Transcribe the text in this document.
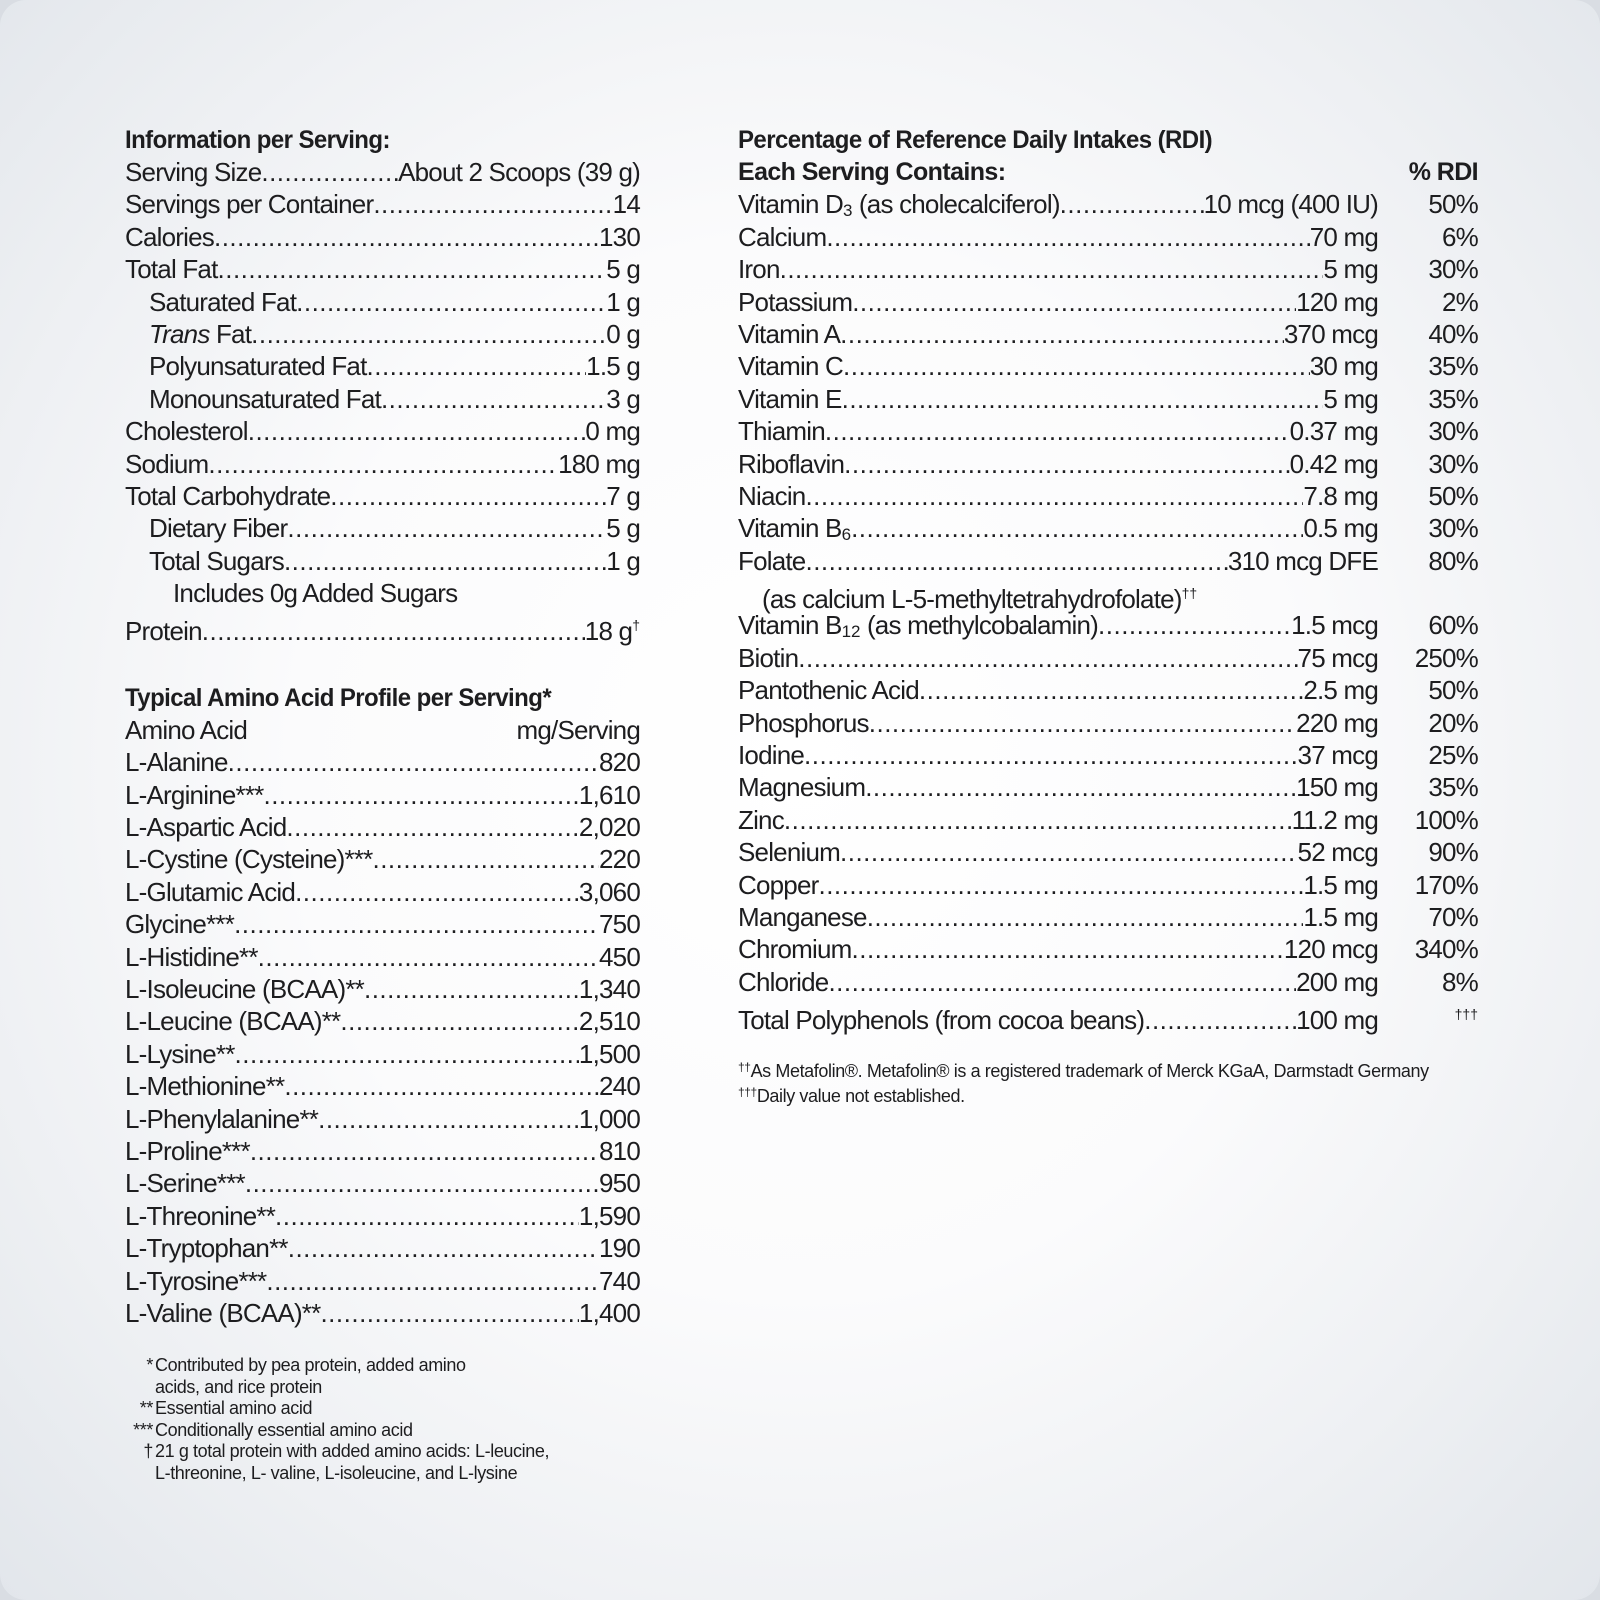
Information per Serving:
Serving Size .....	About 2 Scoops (39 g)
Servings per Container .....	14
Calories .....	130
Total Fat .....	5 g
Saturated Fat .....	1 g
Trans Fat .....	0 g
Polyunsaturated Fat .....	1.5 g
Monounsaturated Fat .....	3 g
Cholesterol .....	0 mg
Sodium .....	180 mg
Total Carbohydrate .....	7 g
Dietary Fiber .....	5 g
Total Sugars .....	1 g
Includes 0g Added Sugars
Protein .....	18 g†
Typical Amino Acid Profile per Serving*
Amino Acid	mg/Serving
L-Alanine .....	820
L-Arginine*** .....	1,610
L-Aspartic Acid .....	2,020
L-Cystine (Cysteine)*** .....	220
L-Glutamic Acid .....	3,060
Glycine*** .....	750
L-Histidine** .....	450
L-Isoleucine (BCAA)** .....	1,340
L-Leucine (BCAA)** .....	2,510
L-Lysine** .....	1,500
L-Methionine** .....	240
L-Phenylalanine** .....	1,000
L-Proline*** .....	810
L-Serine*** .....	950
L-Threonine** .....	1,590
L-Tryptophan** .....	190
L-Tyrosine*** .....	740
L-Valine (BCAA)** .....	1,400
* Contributed by pea protein, added amino
acids, and rice protein
** Essential amino acid
*** Conditionally essential amino acid
† 21 g total protein with added amino acids: L-leucine,
L-threonine, L- valine, L-isoleucine, and L-lysine
Percentage of Reference Daily Intakes (RDI)
Each Serving Contains:	% RDI
Vitamin D3 (as cholecalciferol) .....	10 mcg (400 IU)	50%
Calcium .....	70 mg	6%
Iron .....	5 mg	30%
Potassium .....	120 mg	2%
Vitamin A .....	370 mcg	40%
Vitamin C .....	30 mg	35%
Vitamin E .....	5 mg	35%
Thiamin .....	0.37 mg	30%
Riboflavin .....	0.42 mg	30%
Niacin .....	7.8 mg	50%
Vitamin B6 .....	0.5 mg	30%
Folate .....	310 mcg DFE	80%
(as calcium L-5-methyltetrahydrofolate)††
Vitamin B12 (as methylcobalamin) .....	1.5 mcg	60%
Biotin .....	75 mcg	250%
Pantothenic Acid .....	2.5 mg	50%
Phosphorus .....	220 mg	20%
Iodine .....	37 mcg	25%
Magnesium .....	150 mg	35%
Zinc .....	11.2 mg	100%
Selenium .....	52 mcg	90%
Copper .....	1.5 mg	170%
Manganese .....	1.5 mg	70%
Chromium .....	120 mcg	340%
Chloride .....	200 mg	8%
Total Polyphenols (from cocoa beans) .....	100 mg	†††
††As Metafolin®. Metafolin® is a registered trademark of Merck KGaA, Darmstadt Germany
†††Daily value not established.
